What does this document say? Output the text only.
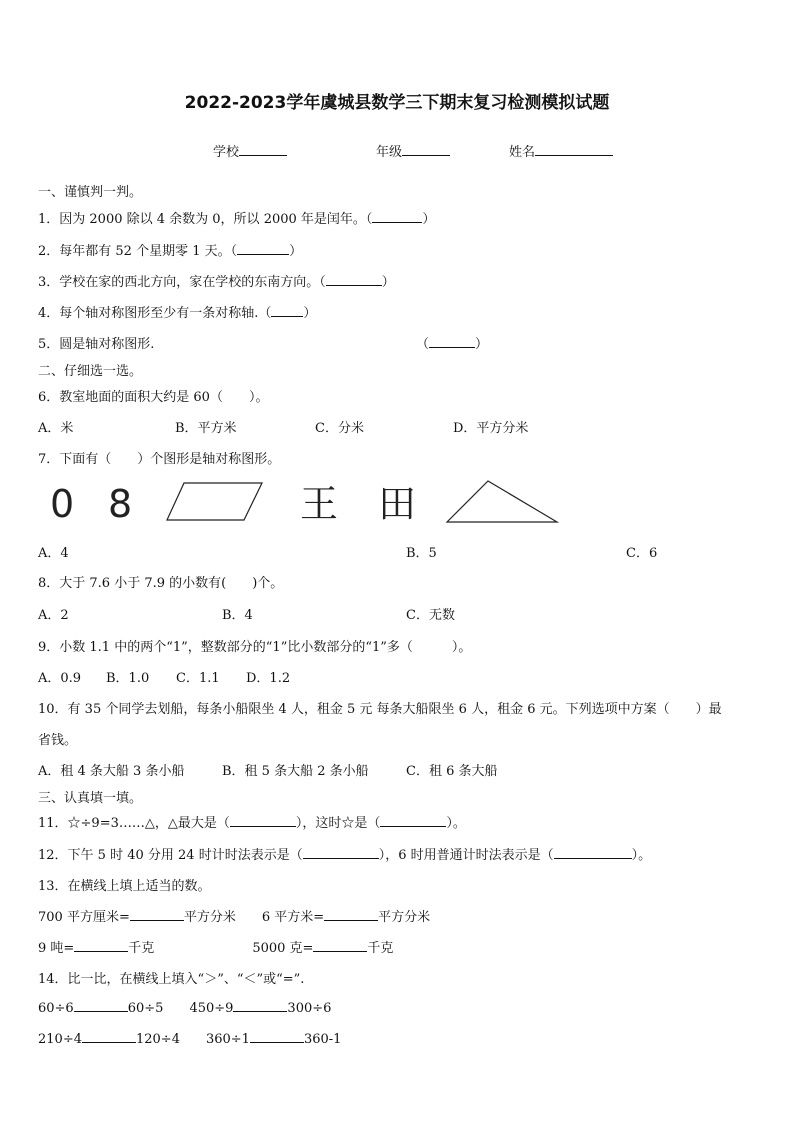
2022-2023学年虞城县数学三下期末复习检测模拟试题
学校	年级	姓名
一、谨慎判一判。
1．因为 2000 除以 4 余数为 0，所以 2000 年是闰年。（	）
2．每年都有 52 个星期零 1 天。（	）
3．学校在家的西北方向，家在学校的东南方向。（	）
4．每个轴对称图形至少有一条对称轴.（ ）
5．圆是轴对称图形.	（	）
二、仔细选一选。
6．教室地面的面积大约是 60（　　）。
A．米	B．平方米	C．分米	D．平方分米
7．下面有（　　）个图形是轴对称图形。
0 8	王 田
A．4	B．5	C．6
8．大于 7.6 小于 7.9 的小数有(　　)个。
A．2	B．4	C．无数
9．小数 1.1 中的两个“1”，整数部分的“1”比小数部分的“1”多（　　　）。
A．0.9 B．1.0 C．1.1 D．1.2
10．有 35 个同学去划船，每条小船限坐 4 人，租金 5 元 每条大船限坐 6 人，租金 6 元。下列选项中方案（　　）最
省钱。
A．租 4 条大船 3 条小船	B．租 5 条大船 2 条小船	C．租 6 条大船
三、认真填一填。
11．☆÷9=3……△，△最大是（	），这时☆是（	）。
12．下午 5 时 40 分用 24 时计时法表示是（	），6 时用普通计时法表示是（	）。
13．在横线上填上适当的数。
700 平方厘米=	平方分米 6 平方米=	平方分米
9 吨=	千克	5000 克=	千克
14．比一比，在横线上填入“＞”、“＜”或“=”.
60÷6	60÷5 450÷9	300÷6
210÷4	120÷4 360÷1	360-1
